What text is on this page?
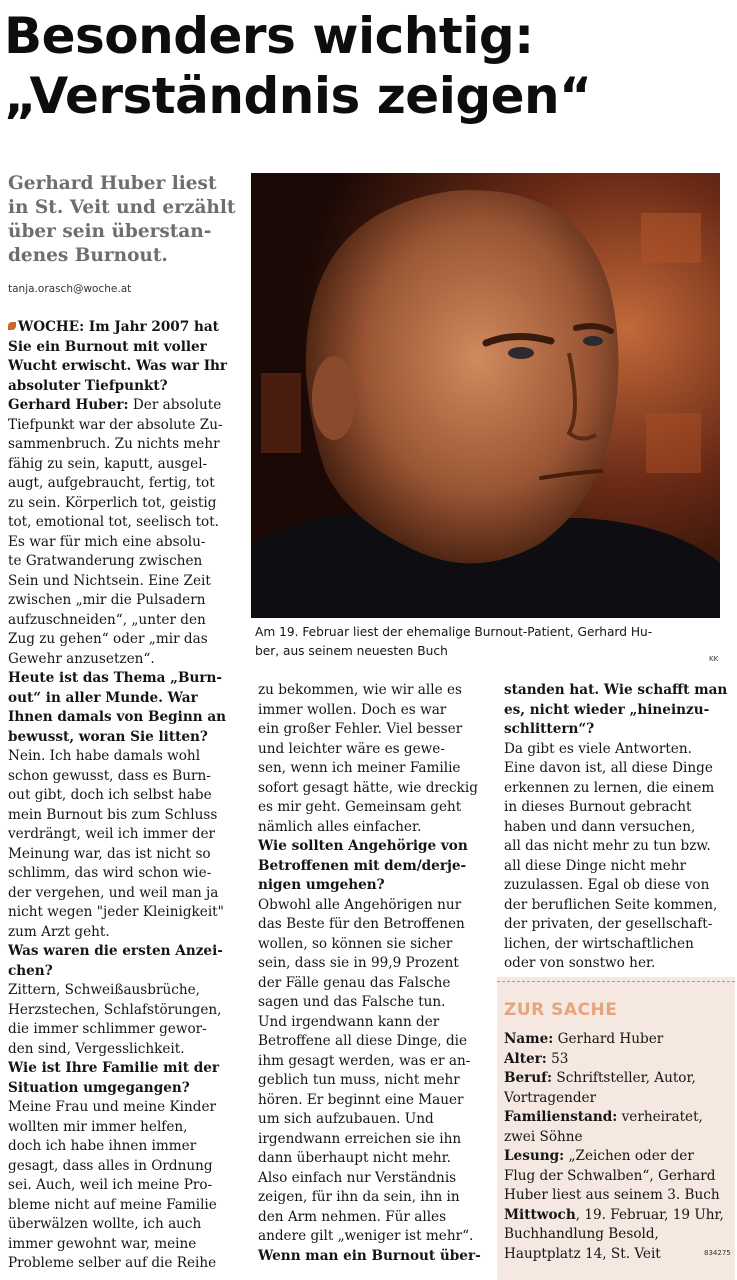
Besonders wichtig:
„Verständnis zeigen“
Gerhard Huber liest
in St. Veit und erzählt
über sein überstan-
denes Burnout.
tanja.orasch@woche.at
Am 19. Februar liest der ehemalige Burnout-Patient, Gerhard Hu-
ber, aus seinem neuesten Buch
KK
WOCHE: Im Jahr 2007 hat
Sie ein Burnout mit voller
Wucht erwischt. Was war Ihr
absoluter Tiefpunkt?
Gerhard Huber: Der absolute
Tiefpunkt war der absolute Zu-
sammenbruch. Zu nichts mehr
fähig zu sein, kaputt, ausgel-
augt, aufgebraucht, fertig, tot
zu sein. Körperlich tot, geistig
tot, emotional tot, seelisch tot.
Es war für mich eine absolu-
te Gratwanderung zwischen
Sein und Nichtsein. Eine Zeit
zwischen „mir die Pulsadern
aufzuschneiden“, „unter den
Zug zu gehen“ oder „mir das
Gewehr anzusetzen“.
Heute ist das Thema „Burn-
out“ in aller Munde. War
Ihnen damals von Beginn an
bewusst, woran Sie litten?
Nein. Ich habe damals wohl
schon gewusst, dass es Burn-
out gibt, doch ich selbst habe
mein Burnout bis zum Schluss
verdrängt, weil ich immer der
Meinung war, das ist nicht so
schlimm, das wird schon wie-
der vergehen, und weil man ja
nicht wegen "jeder Kleinigkeit"
zum Arzt geht.
Was waren die ersten Anzei-
chen?
Zittern, Schweißausbrüche,
Herzstechen, Schlafstörungen,
die immer schlimmer gewor-
den sind, Vergesslichkeit.
Wie ist Ihre Familie mit der
Situation umgegangen?
Meine Frau und meine Kinder
wollten mir immer helfen,
doch ich habe ihnen immer
gesagt, dass alles in Ordnung
sei. Auch, weil ich meine Pro-
bleme nicht auf meine Familie
überwälzen wollte, ich auch
immer gewohnt war, meine
Probleme selber auf die Reihe
zu bekommen, wie wir alle es
immer wollen. Doch es war
ein großer Fehler. Viel besser
und leichter wäre es gewe-
sen, wenn ich meiner Familie
sofort gesagt hätte, wie dreckig
es mir geht. Gemeinsam geht
nämlich alles einfacher.
Wie sollten Angehörige von
Betroffenen mit dem/derje-
nigen umgehen?
Obwohl alle Angehörigen nur
das Beste für den Betroffenen
wollen, so können sie sicher
sein, dass sie in 99,9 Prozent
der Fälle genau das Falsche
sagen und das Falsche tun.
Und irgendwann kann der
Betroffene all diese Dinge, die
ihm gesagt werden, was er an-
geblich tun muss, nicht mehr
hören. Er beginnt eine Mauer
um sich aufzubauen. Und
irgendwann erreichen sie ihn
dann überhaupt nicht mehr.
Also einfach nur Verständnis
zeigen, für ihn da sein, ihn in
den Arm nehmen. Für alles
andere gilt „weniger ist mehr“.
Wenn man ein Burnout über-
standen hat. Wie schafft man
es, nicht wieder „hineinzu-
schlittern“?
Da gibt es viele Antworten.
Eine davon ist, all diese Dinge
erkennen zu lernen, die einem
in dieses Burnout gebracht
haben und dann versuchen,
all das nicht mehr zu tun bzw.
all diese Dinge nicht mehr
zuzulassen. Egal ob diese von
der beruflichen Seite kommen,
der privaten, der gesellschaft-
lichen, der wirtschaftlichen
oder von sonstwo her.
ZUR SACHE
Name: Gerhard Huber
Alter: 53
Beruf: Schriftsteller, Autor,
Vortragender
Familienstand: verheiratet,
zwei Söhne
Lesung: „Zeichen oder der
Flug der Schwalben“, Gerhard
Huber liest aus seinem 3. Buch
Mittwoch, 19. Februar, 19 Uhr,
Buchhandlung Besold,
Hauptplatz 14, St. Veit	834275
